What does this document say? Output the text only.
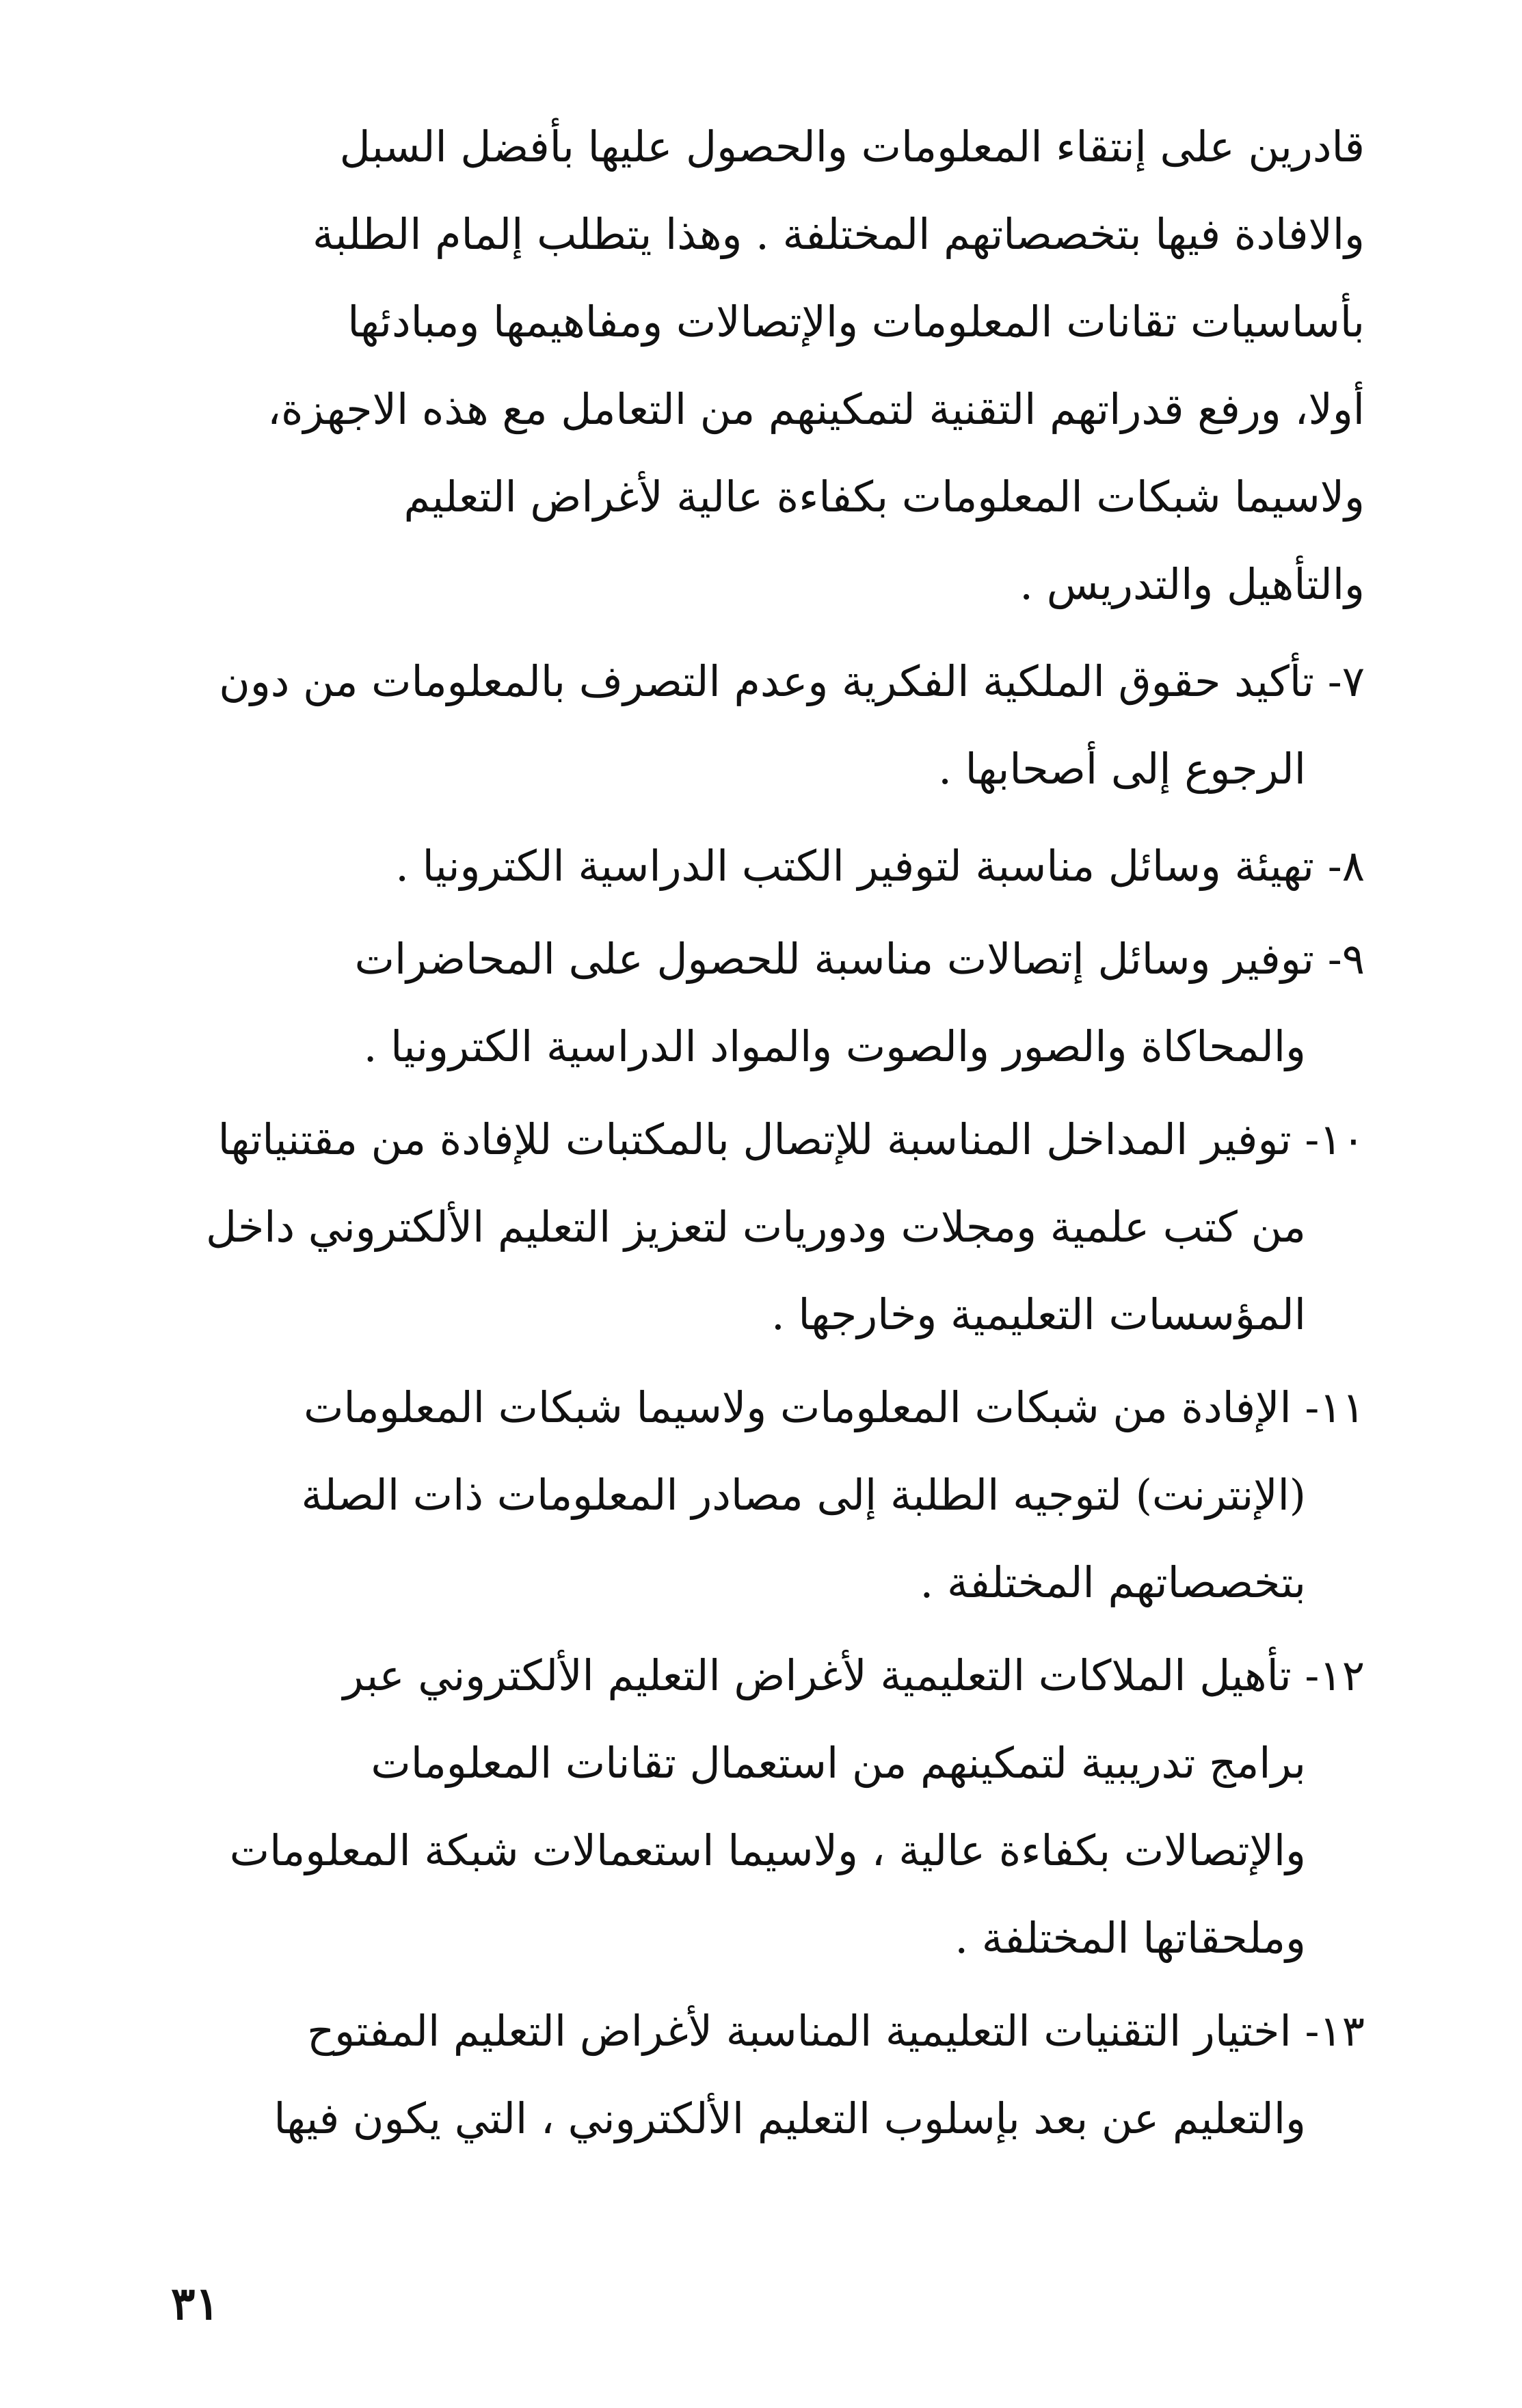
قادرين على إنتقاء المعلومات والحصول عليها بأفضل السبل
والافادة فيها بتخصصاتهم المختلفة . وهذا يتطلب إلمام الطلبة
بأساسيات تقانات المعلومات والإتصالات ومفاهيمها ومبادئها
أولا، ورفع قدراتهم التقنية لتمكينهم من التعامل مع هذه الاجهزة،
ولاسيما شبكات المعلومات بكفاءة عالية لأغراض التعليم
والتأهيل والتدريس .
٧- تأكيد حقوق الملكية الفكرية وعدم التصرف بالمعلومات من دون
الرجوع إلى أصحابها .
٨- تهيئة وسائل مناسبة لتوفير الكتب الدراسية الكترونيا .
٩- توفير وسائل إتصالات مناسبة للحصول على المحاضرات
والمحاكاة والصور والصوت والمواد الدراسية الكترونيا .
١٠- توفير المداخل المناسبة للإتصال بالمكتبات للإفادة من مقتنياتها
من كتب علمية ومجلات ودوريات لتعزيز التعليم الألكتروني داخل
المؤسسات التعليمية وخارجها .
١١- الإفادة من شبكات المعلومات ولاسيما شبكات المعلومات
(الإنترنت) لتوجيه الطلبة إلى مصادر المعلومات ذات الصلة
بتخصصاتهم المختلفة .
١٢- تأهيل الملاكات التعليمية لأغراض التعليم الألكتروني عبر
برامج تدريبية لتمكينهم من استعمال تقانات المعلومات
والإتصالات بكفاءة عالية ، ولاسيما استعمالات شبكة المعلومات
وملحقاتها المختلفة .
١٣- اختيار التقنيات التعليمية المناسبة لأغراض التعليم المفتوح
والتعليم عن بعد بإسلوب التعليم الألكتروني ، التي يكون فيها
٣١
